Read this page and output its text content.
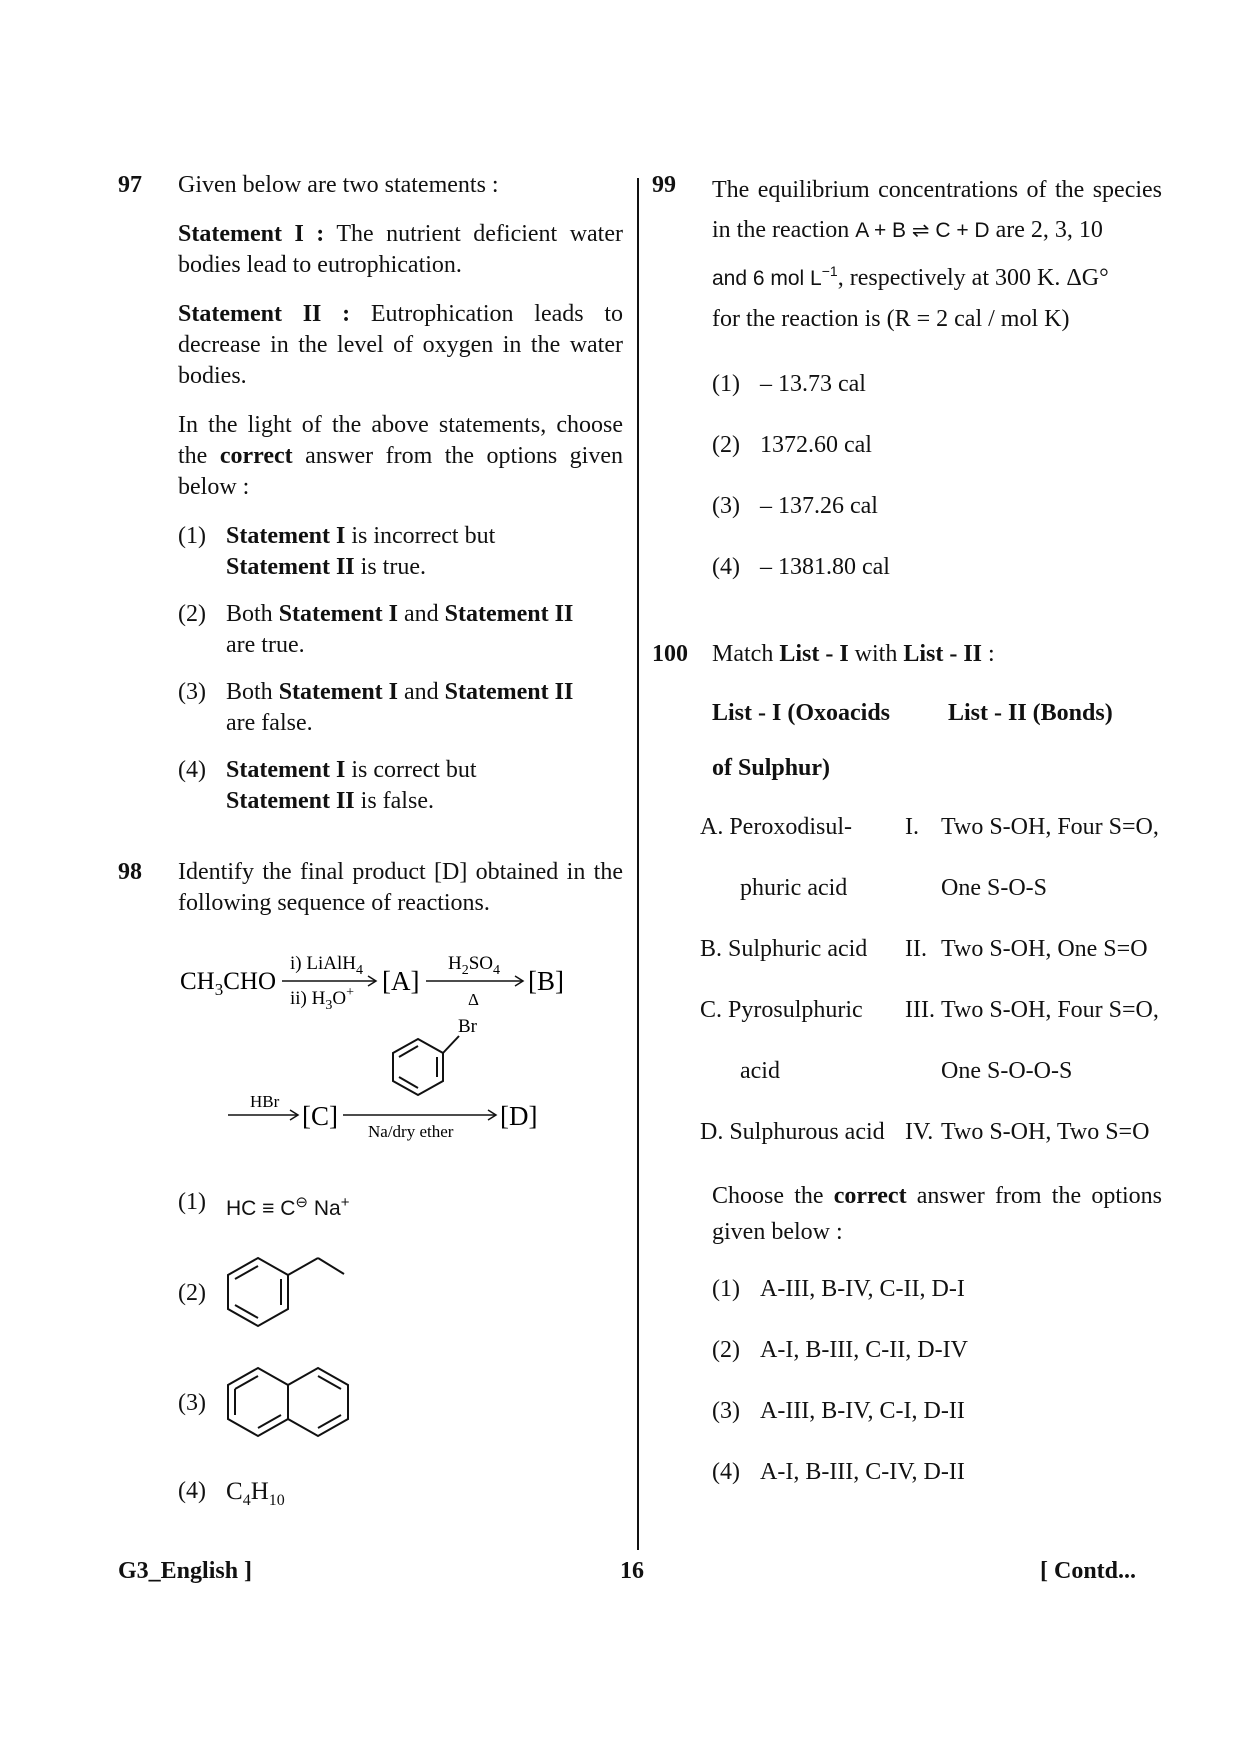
97 Given below are two statements :

Statement I : The nutrient deficient water bodies lead to eutrophication.

Statement II : Eutrophication leads to decrease in the level of oxygen in the water bodies.

In the light of the above statements, choose the correct answer from the options given below :

(1) Statement I is incorrect but
Statement II is true.
(2) Both Statement I and Statement II
are true.
(3) Both Statement I and Statement II
are false.
(4) Statement I is correct but
Statement II is false.
98 Identify the final product [D] obtained in the following sequence of reactions.

$CH_3CHO$
i) LiAlH$_4$
ii) $H_3O^+$ [A]
$H_2SO_4$
Δ
[B]
HBr [C]
Br
Na/dry ether
[D]
(1) HC ≡ C⊖ Na+
(2)
(3)
(4) $C_4H_{10}$
99 The equilibrium concentrations of the species in the reaction A + B ⇌ C + D are 2, 3, 10
and 6 mol $L^{-1}$, respectively at 300 K. ΔG°
for the reaction is (R = 2 cal / mol K)

(1) – 13.73 cal
(2) 1372.60 cal
(3) – 137.26 cal
(4) – 1381.80 cal
100 Match List - I with List - II :

List - I (Oxoacids	List - II (Bonds)
of Sulphur)
A. Peroxodisul-	I. Two S-OH, Four S=O,
phuric acid	One S-O-S
B. Sulphuric acid	II. Two S-OH, One S=O
C. Pyrosulphuric	III. Two S-OH, Four S=O,
acid	One S-O-O-S
D. Sulphurous acid IV. Two S-OH, Two S=O

Choose the correct answer from the options given below :

(1) A-III, B-IV, C-II, D-I
(2) A-I, B-III, C-II, D-IV
(3) A-III, B-IV, C-I, D-II
(4) A-I, B-III, C-IV, D-II
G3_English ]	16	[ Contd...
